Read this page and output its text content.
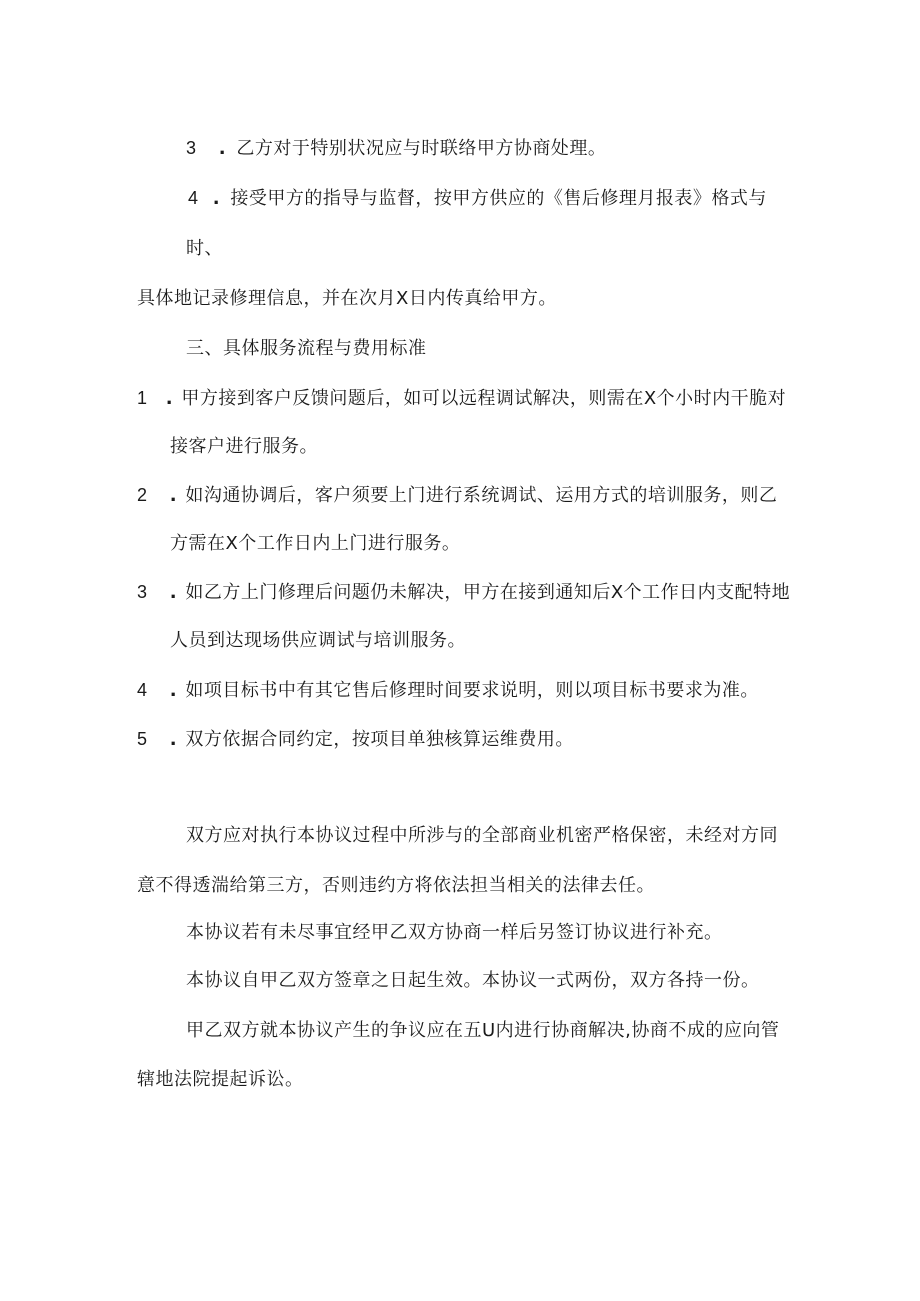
3 . 乙方对于特别状况应与时联络甲方协商处理。

4 . 接受甲方的指导与监督，按甲方供应的《售后修理月报表》格式与

时、

具体地记录修理信息，并在次月X日内传真给甲方。

三、具体服务流程与费用标准

1 . 甲方接到客户反馈问题后，如可以远程调试解决，则需在X个小时内干脆对

接客户进行服务。

2 . 如沟通协调后，客户须要上门进行系统调试、运用方式的培训服务，则乙

方需在X个工作日内上门进行服务。

3 . 如乙方上门修理后问题仍未解决，甲方在接到通知后X个工作日内支配特地

人员到达现场供应调试与培训服务。

4 . 如项目标书中有其它售后修理时间要求说明，则以项目标书要求为准。

5 . 双方依据合同约定，按项目单独核算运维费用。

双方应对执行本协议过程中所涉与的全部商业机密严格保密，未经对方同

意不得透湍给第三方，否则违约方将依法担当相关的法律去任。

本协议若有未尽事宜经甲乙双方协商一样后另签订协议进行补充。

本协议自甲乙双方签章之日起生效。本协议一式两份，双方各持一份。

甲乙双方就本协议产生的争议应在五U内进行协商解决,协商不成的应向管

辖地法院提起诉讼。
